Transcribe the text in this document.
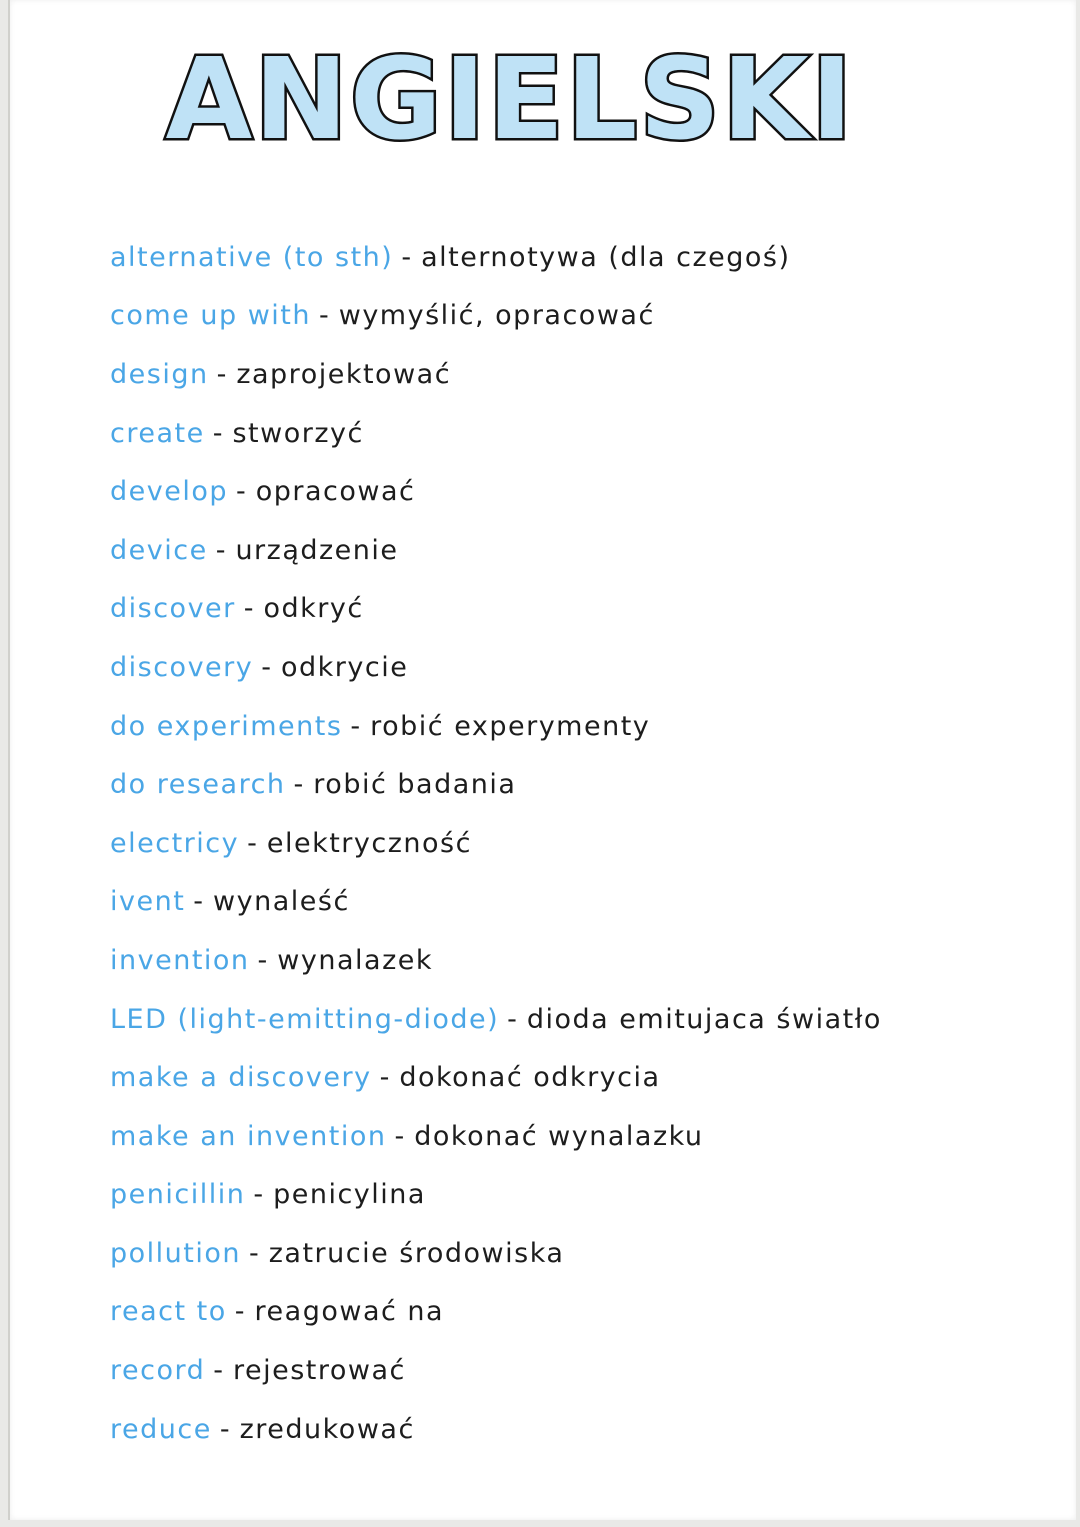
ANGIELSKI
alternative (to sth) - alternotywa (dla czegoś)
come up with - wymyślić, opracować
design - zaprojektować
create - stworzyć
develop - opracować
device - urządzenie
discover - odkryć
discovery - odkrycie
do experiments - robić experymenty
do research - robić badania
electricy - elektryczność
ivent - wynaleść
invention - wynalazek
LED (light-emitting-diode) - dioda emitujaca światło
make a discovery - dokonać odkrycia
make an invention - dokonać wynalazku
penicillin - penicylina
pollution - zatrucie środowiska
react to - reagować na
record - rejestrować
reduce - zredukować
